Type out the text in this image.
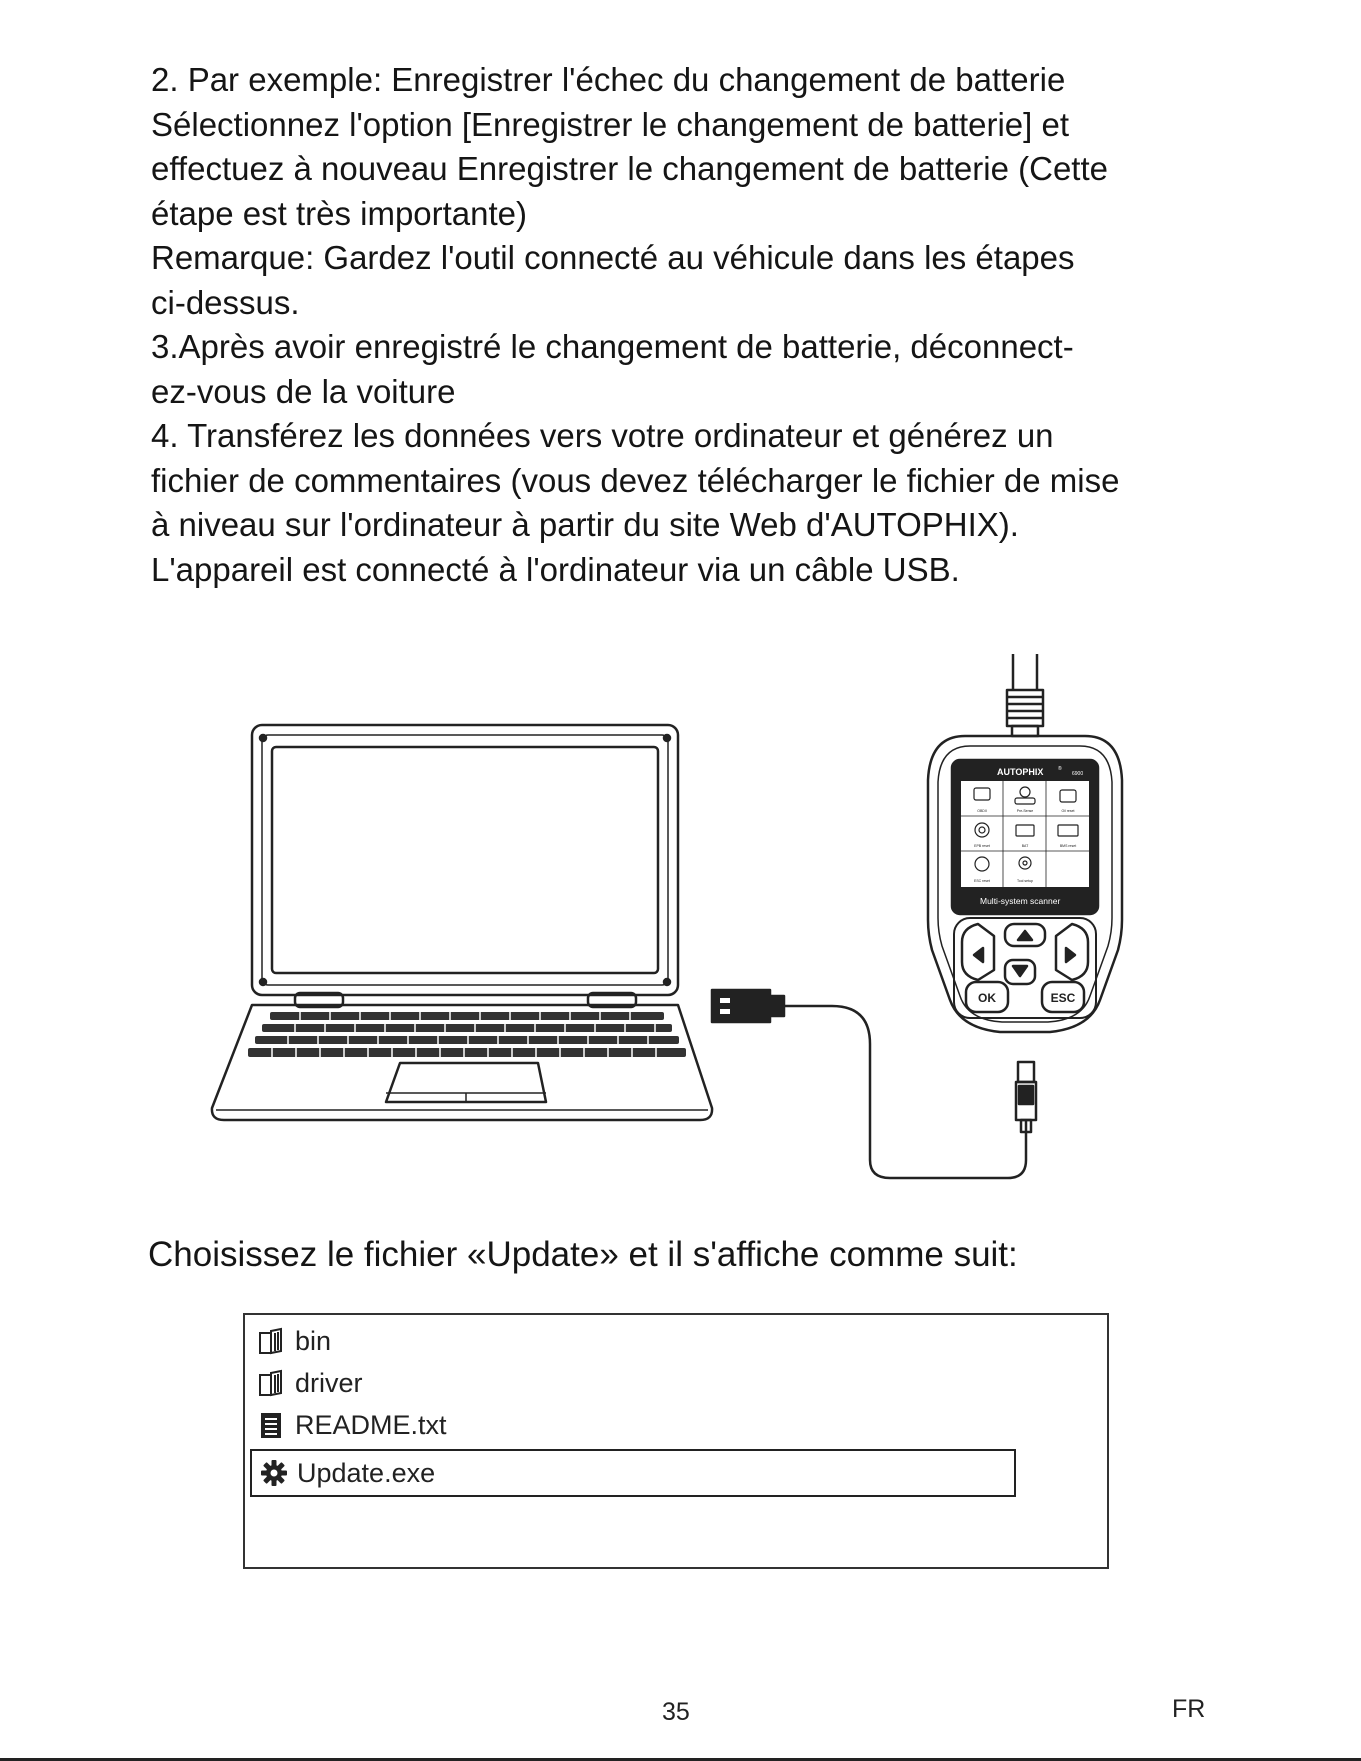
2. Par exemple: Enregistrer l'échec du changement de batterie

Sélectionnez l'option [Enregistrer le changement de batterie] et

effectuez à nouveau Enregistrer le changement de batterie (Cette

étape est très importante)

Remarque: Gardez l'outil connecté au véhicule dans les étapes

ci-dessus.

3.Après avoir enregistré le changement de batterie, déconnect-

ez-vous de la voiture

4. Transférez les données vers votre ordinateur et générez un

fichier de commentaires (vous devez télécharger le fichier de mise

à niveau sur l'ordinateur à partir du site Web d'AUTOPHIX).

L'appareil est connecté à l'ordinateur via un câble USB.

AUTOPHIX	®
6900
Multi-system scanner
OBDII	Pre-Sense	Oil reset
EPB reset	BAT	BMS reset
ESC reset	Tool setup
OK	ESC
Choisissez le fichier «Update» et il s'affiche comme suit:
bin
driver
README.txt
Update.exe
35	FR
